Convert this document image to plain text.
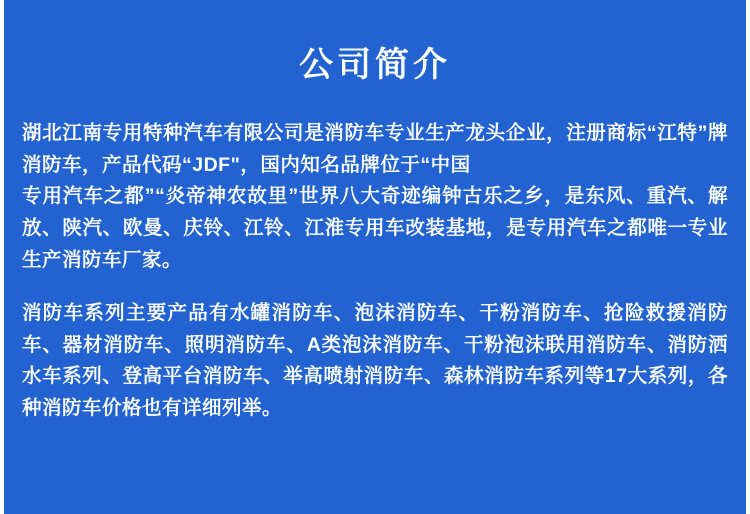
公司简介

湖北江南专用特种汽车有限公司是消防车专业生产龙头企业，注册商标“江特”牌消防车，产品代码“JDF"，国内知名品牌位于“中国
专用汽车之都”“炎帝神农故里”世界八大奇迹编钟古乐之乡，是东风、重汽、解放、陕汽、欧曼、庆铃、江铃、江淮专用车改装基地，是专用汽车之都唯一专业生产消防车厂家。

消防车系列主要产品有水罐消防车、泡沫消防车、干粉消防车、抢险救援消防车、器材消防车、照明消防车、A类泡沫消防车、干粉泡沫联用消防车、消防洒水车系列、登高平台消防车、举高喷射消防车、森林消防车系列等17大系列，各种消防车价格也有详细列举。
